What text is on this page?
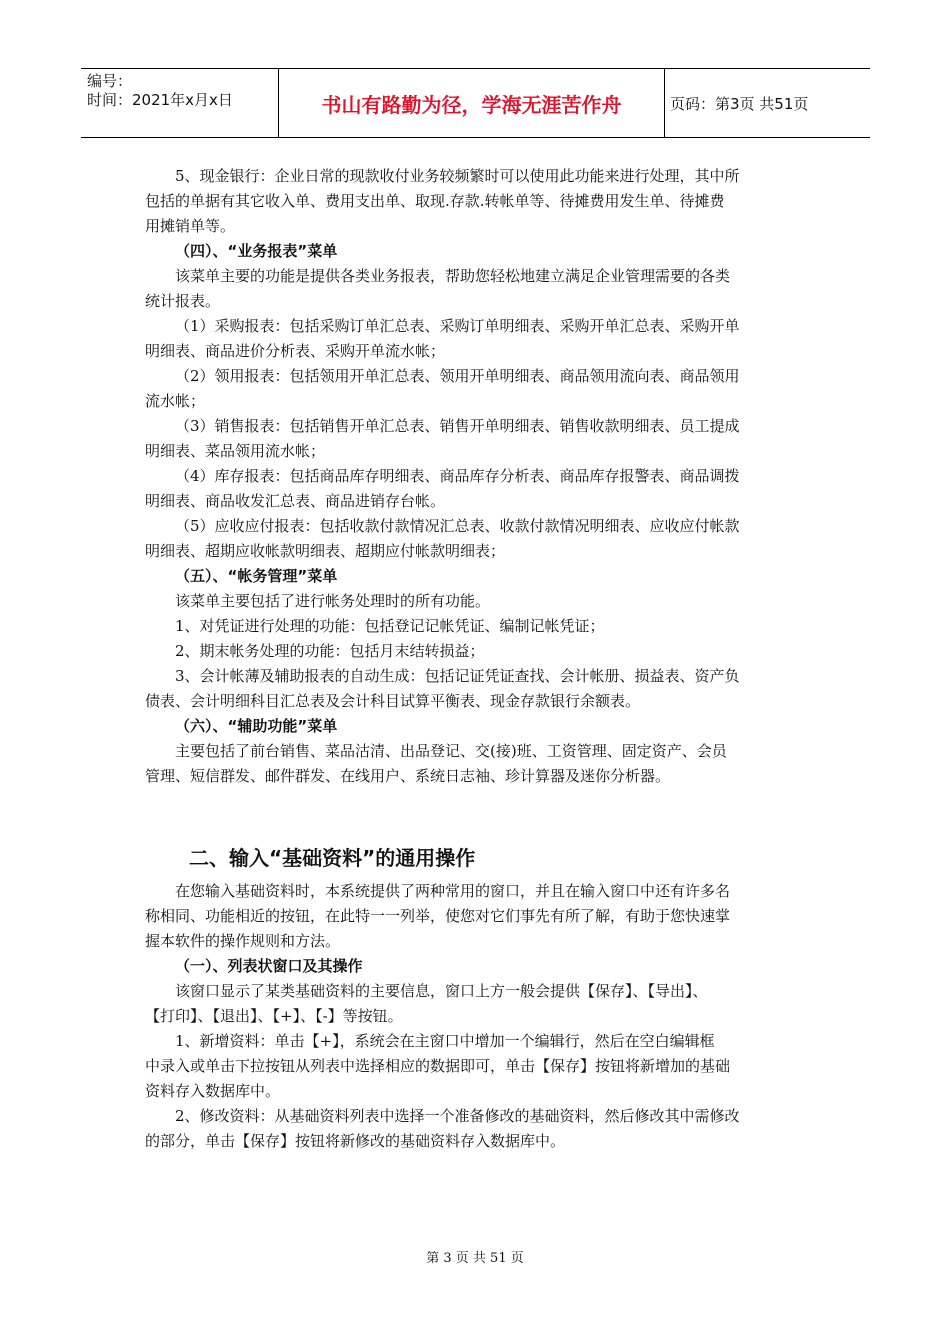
编号：
时间：2021年x月x日	书山有路勤为径，学海无涯苦作舟	页码：第3页 共51页

5、现金银行：企业日常的现款收付业务较频繁时可以使用此功能来进行处理，其中所

包括的单据有其它收入单、费用支出单、取现.存款.转帐单等、待摊费用发生单、待摊费

用摊销单等。

（四）、“业务报表”菜单

该菜单主要的功能是提供各类业务报表，帮助您轻松地建立满足企业管理需要的各类

统计报表。

（1）采购报表：包括采购订单汇总表、采购订单明细表、采购开单汇总表、采购开单

明细表、商品进价分析表、采购开单流水帐；

（2）领用报表：包括领用开单汇总表、领用开单明细表、商品领用流向表、商品领用

流水帐；

（3）销售报表：包括销售开单汇总表、销售开单明细表、销售收款明细表、员工提成

明细表、菜品领用流水帐；

（4）库存报表：包括商品库存明细表、商品库存分析表、商品库存报警表、商品调拨

明细表、商品收发汇总表、商品进销存台帐。

（5）应收应付报表：包括收款付款情况汇总表、收款付款情况明细表、应收应付帐款

明细表、超期应收帐款明细表、超期应付帐款明细表；

（五）、“帐务管理”菜单

该菜单主要包括了进行帐务处理时的所有功能。

1、对凭证进行处理的功能：包括登记记帐凭证、编制记帐凭证；

2、期末帐务处理的功能：包括月末结转损益；

3、会计帐薄及辅助报表的自动生成：包括记证凭证查找、会计帐册、损益表、资产负

债表、会计明细科目汇总表及会计科目试算平衡表、现金存款银行余额表。

（六）、“辅助功能”菜单

主要包括了前台销售、菜品沽清、出品登记、交(接)班、工资管理、固定资产、会员

管理、短信群发、邮件群发、在线用户、系统日志袖、珍计算器及迷你分析器。

二、输入“基础资料”的通用操作

在您输入基础资料时，本系统提供了两种常用的窗口，并且在输入窗口中还有许多名

称相同、功能相近的按钮，在此特一一列举，使您对它们事先有所了解，有助于您快速掌

握本软件的操作规则和方法。

（一）、列表状窗口及其操作

该窗口显示了某类基础资料的主要信息，窗口上方一般会提供【保存】、【导出】、

【打印】、【退出】、【+】、【-】等按钮。

1、新增资料：单击【+】，系统会在主窗口中增加一个编辑行，然后在空白编辑框

中录入或单击下拉按钮从列表中选择相应的数据即可，单击【保存】按钮将新增加的基础

资料存入数据库中。

2、修改资料：从基础资料列表中选择一个准备修改的基础资料，然后修改其中需修改

的部分，单击【保存】按钮将新修改的基础资料存入数据库中。

第 3 页 共 51 页
